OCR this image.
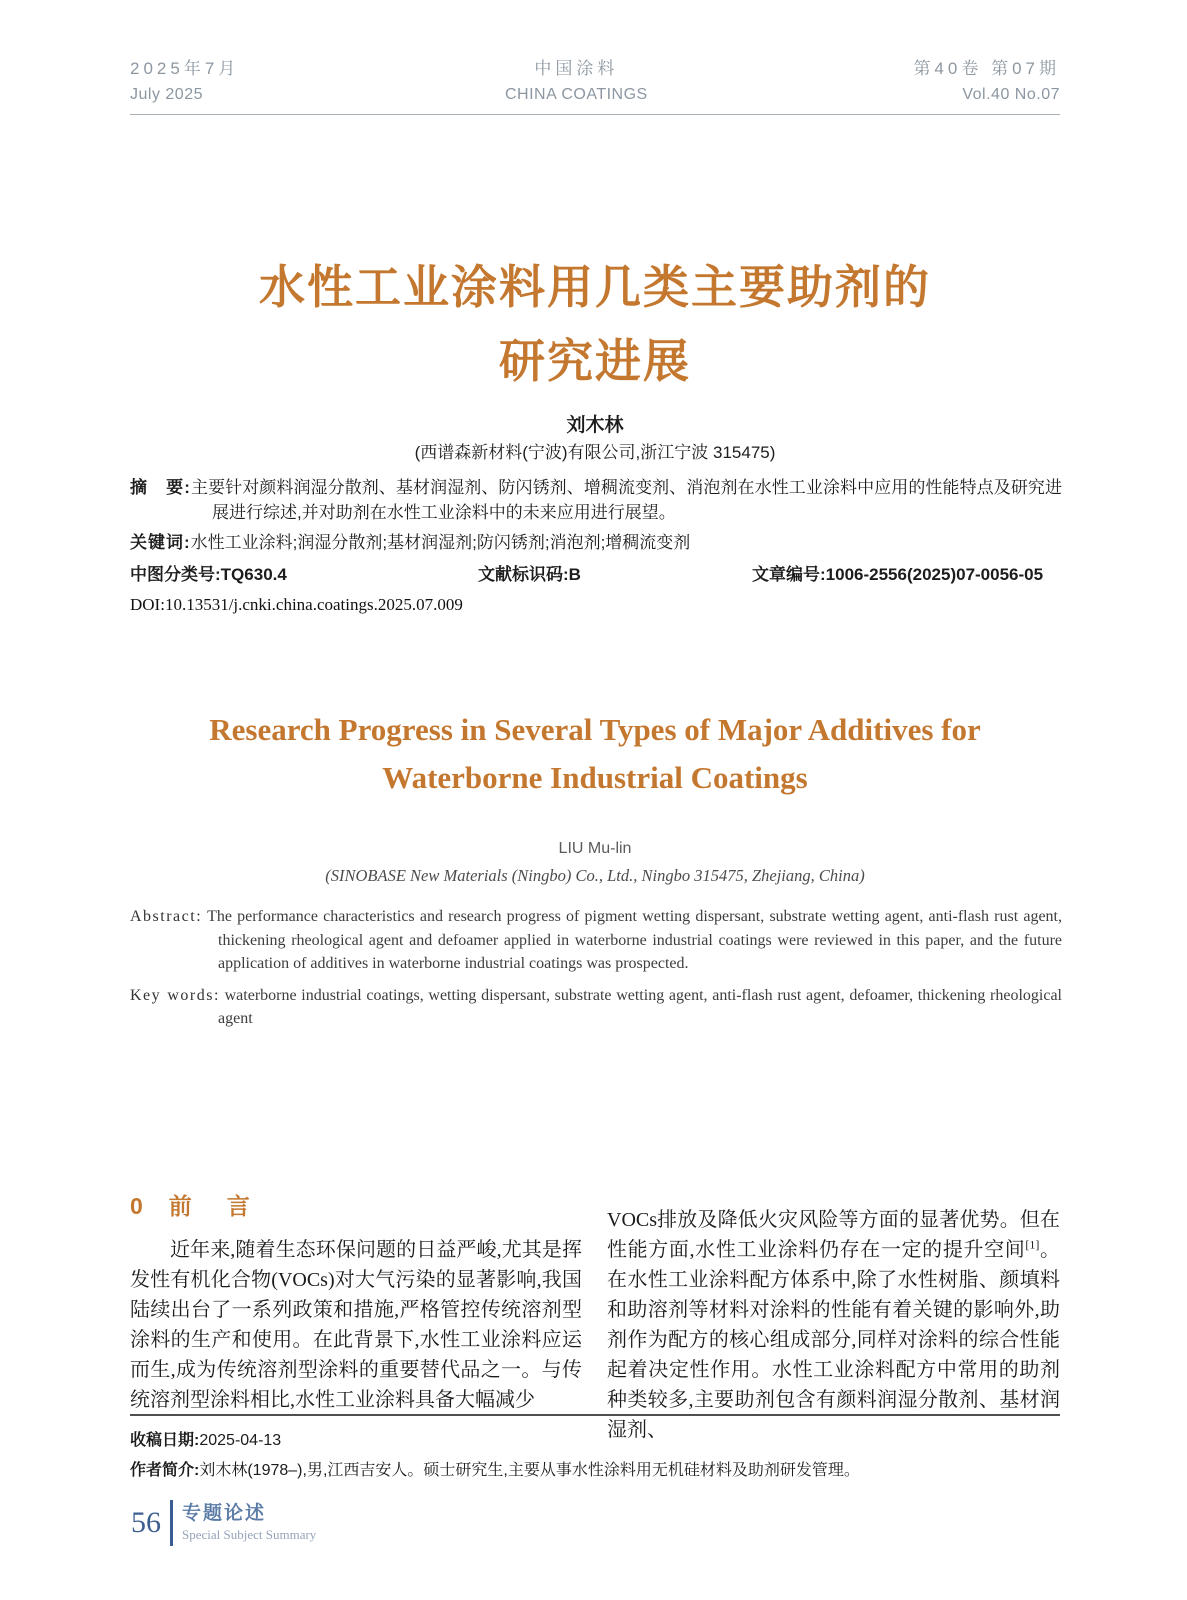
2025年7月
July 2025
中国涂料
CHINA COATINGS
第40卷 第07期
Vol.40 No.07
水性工业涂料用几类主要助剂的
研究进展
刘木林
(西谱森新材料(宁波)有限公司,浙江宁波 315475)
摘　要:主要针对颜料润湿分散剂、基材润湿剂、防闪锈剂、增稠流变剂、消泡剂在水性工业涂料中应用的性能特点及研究进展进行综述,并对助剂在水性工业涂料中的未来应用进行展望。
关键词:水性工业涂料;润湿分散剂;基材润湿剂;防闪锈剂;消泡剂;增稠流变剂
中图分类号:TQ630.4	文献标识码:B	文章编号:1006-2556(2025)07-0056-05
DOI:10.13531/j.cnki.china.coatings.2025.07.009
Research Progress in Several Types of Major Additives for
Waterborne Industrial Coatings
LIU Mu-lin
(SINOBASE New Materials (Ningbo) Co., Ltd., Ningbo 315475, Zhejiang, China)
Abstract: The performance characteristics and research progress of pigment wetting dispersant, substrate wetting agent, anti-flash rust agent, thickening rheological agent and defoamer applied in waterborne industrial coatings were reviewed in this paper, and the future application of additives in waterborne industrial coatings was prospected.
Key words: waterborne industrial coatings, wetting dispersant, substrate wetting agent, anti-flash rust agent, defoamer, thickening rheological agent
0 前　言

近年来,随着生态环保问题的日益严峻,尤其是挥发性有机化合物(VOCs)对大气污染的显著影响,我国陆续出台了一系列政策和措施,严格管控传统溶剂型涂料的生产和使用。在此背景下,水性工业涂料应运而生,成为传统溶剂型涂料的重要替代品之一。与传统溶剂型涂料相比,水性工业涂料具备大幅减少

VOCs排放及降低火灾风险等方面的显著优势。但在性能方面,水性工业涂料仍存在一定的提升空间[1]。在水性工业涂料配方体系中,除了水性树脂、颜填料和助溶剂等材料对涂料的性能有着关键的影响外,助剂作为配方的核心组成部分,同样对涂料的综合性能起着决定性作用。水性工业涂料配方中常用的助剂种类较多,主要助剂包含有颜料润湿分散剂、基材润湿剂、

收稿日期:2025-04-13
作者简介:刘木林(1978–),男,江西吉安人。硕士研究生,主要从事水性涂料用无机硅材料及助剂研发管理。
56 专题论述
Special Subject Summary
